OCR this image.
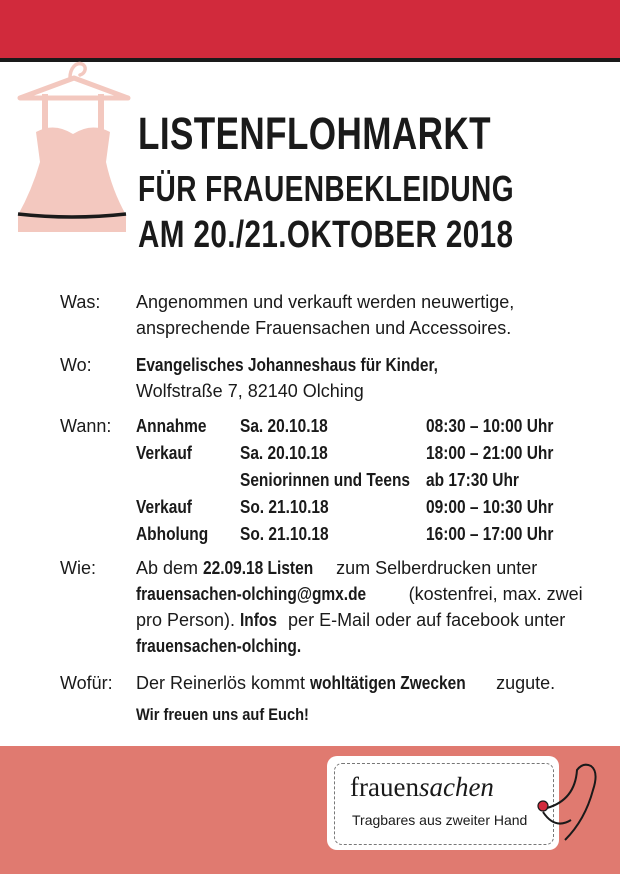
LISTENFLOHMARKT
FÜR FRAUENBEKLEIDUNG
AM 20./21.OKTOBER 2018
Was: Angenommen und verkauft werden neuwertige,
ansprechende Frauensachen und Accessoires.
Wo: Evangelisches Johanneshaus für Kinder,
Wolfstraße 7, 82140 Olching
Wann: Annahme Sa. 20.10.18	08:30 – 10:00 Uhr
Verkauf	Sa. 20.10.18	18:00 – 21:00 Uhr
Seniorinnen und Teens ab 17:30 Uhr
Verkauf	So. 21.10.18	09:00 – 10:30 Uhr
Abholung So. 21.10.18	16:00 – 17:00 Uhr
Wie: Ab dem 22.09.18 Listen zum Selberdrucken unter
frauensachen-olching@gmx.de (kostenfrei, max. zwei
pro Person). Infos per E-Mail oder auf facebook unter
frauensachen-olching.
Wofür: Der Reinerlös kommt wohltätigen Zwecken zugute.
Wir freuen uns auf Euch!
frauensachen
Tragbares aus zweiter Hand
